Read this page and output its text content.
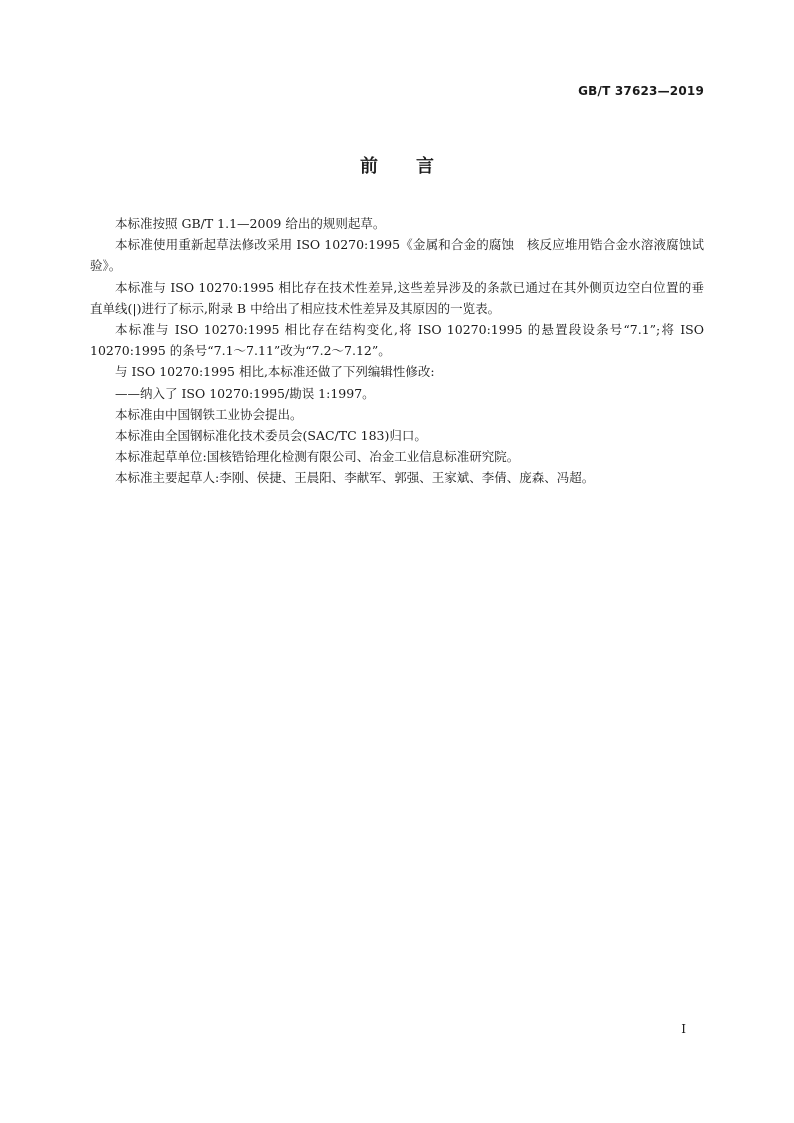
GB/T 37623—2019
前 言

本标准按照 GB/T 1.1—2009 给出的规则起草。

本标准使用重新起草法修改采用 ISO 10270:1995《金属和合金的腐蚀　核反应堆用锆合金水溶液腐蚀试验》。

本标准与 ISO 10270:1995 相比存在技术性差异,这些差异涉及的条款已通过在其外侧页边空白位置的垂直单线(|)进行了标示,附录 B 中给出了相应技术性差异及其原因的一览表。

本标准与 ISO 10270:1995 相比存在结构变化,将 ISO 10270:1995 的悬置段设条号“7.1”;将 ISO 10270:1995 的条号“7.1～7.11”改为“7.2～7.12”。

与 ISO 10270:1995 相比,本标准还做了下列编辑性修改:

——纳入了 ISO 10270:1995/勘误 1:1997。

本标准由中国钢铁工业协会提出。

本标准由全国钢标准化技术委员会(SAC/TC 183)归口。

本标准起草单位:国核锆铪理化检测有限公司、冶金工业信息标准研究院。

本标准主要起草人:李刚、侯捷、王晨阳、李献军、郭强、王家斌、李倩、庞森、冯超。

I
